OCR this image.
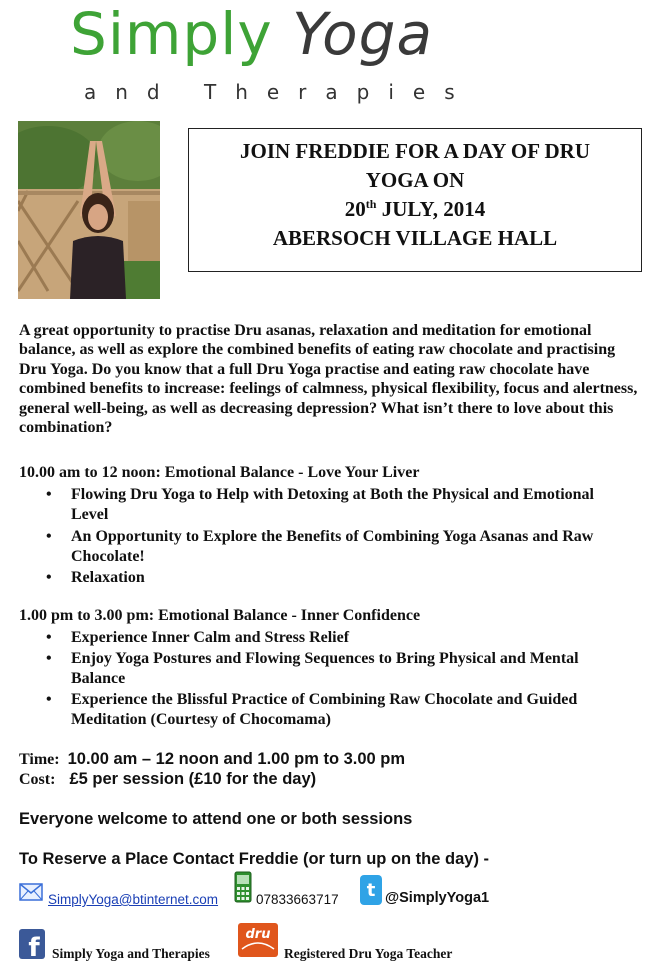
Simply Yoga
and Therapies
JOIN FREDDIE FOR A DAY OF DRU
YOGA ON
20th JULY, 2014
ABERSOCH VILLAGE HALL
A great opportunity to practise Dru asanas, relaxation and meditation for emotional balance, as well as explore the combined benefits of eating raw chocolate and practising Dru Yoga. Do you know that a full Dru Yoga practise and eating raw chocolate have combined benefits to increase: feelings of calmness, physical flexibility, focus and alertness, general well-being, as well as decreasing depression? What isn’t there to love about this combination?
10.00 am to 12 noon: Emotional Balance - Love Your Liver
• Flowing Dru Yoga to Help with Detoxing at Both the Physical and Emotional Level
• An Opportunity to Explore the Benefits of Combining Yoga Asanas and Raw Chocolate!
• Relaxation
1.00 pm to 3.00 pm: Emotional Balance - Inner Confidence
• Experience Inner Calm and Stress Relief
• Enjoy Yoga Postures and Flowing Sequences to Bring Physical and Mental Balance
• Experience the Blissful Practice of Combining Raw Chocolate and Guided Meditation (Courtesy of Chocomama)
Time: 10.00 am – 12 noon and 1.00 pm to 3.00 pm
Cost: £5 per session (£10 for the day)
Everyone welcome to attend one or both sessions
To Reserve a Place Contact Freddie (or turn up on the day) -
SimplyYoga@btinternet.com	07833663717 t @SimplyYoga1
f Simply Yoga and Therapies
dru
Registered Dru Yoga Teacher
